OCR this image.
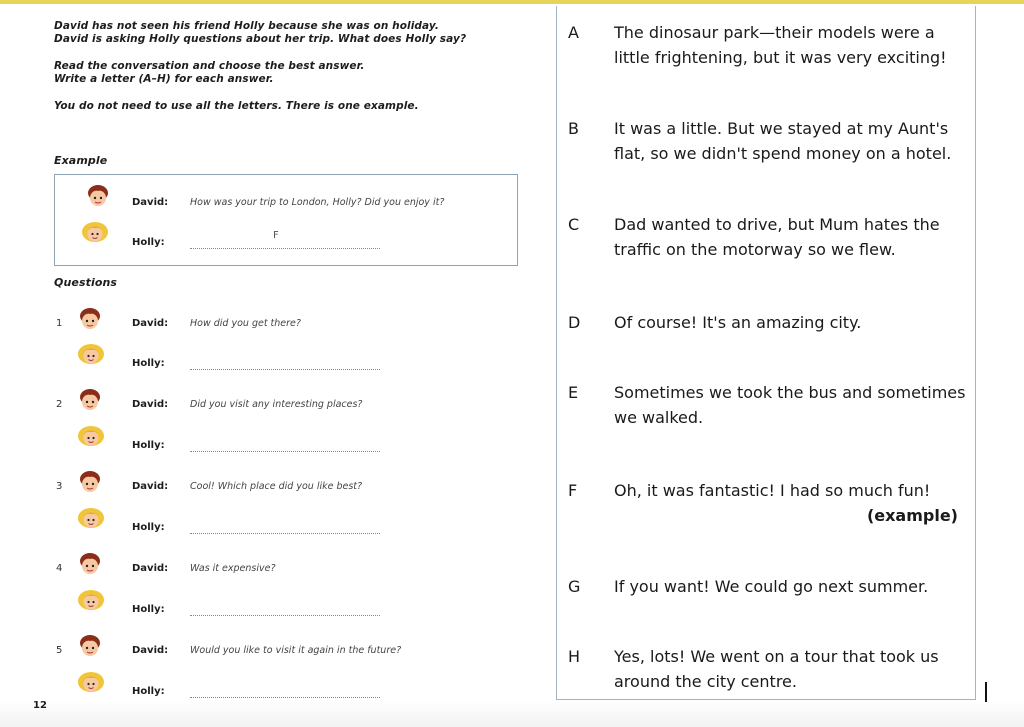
David has not seen his friend Holly because she was on holiday.

David is asking Holly questions about her trip. What does Holly say?

Read the conversation and choose the best answer.

Write a letter (A–H) for each answer.

You do not need to use all the letters. There is one example.

Example
David: How was your trip to London, Holly? Did you enjoy it?
Holly:
F
Questions
1	David: How did you get there?
Holly:
2	David: Did you visit any interesting places?
Holly:
3	David: Cool! Which place did you like best?
Holly:
4	David: Was it expensive?
Holly:
5	David: Would you like to visit it again in the future?
Holly:
A	The dinosaur park—their models were a little frightening, but it was very exciting!
B	It was a little. But we stayed at my Aunt's flat, so we didn't spend money on a hotel.
C	Dad wanted to drive, but Mum hates the traffic on the motorway so we flew.
D	Of course! It's an amazing city.
E	Sometimes we took the bus and sometimes we walked.
F	Oh, it was fantastic! I had so much fun!
(example)
G	If you want! We could go next summer.
H	Yes, lots! We went on a tour that took us around the city centre.
12
